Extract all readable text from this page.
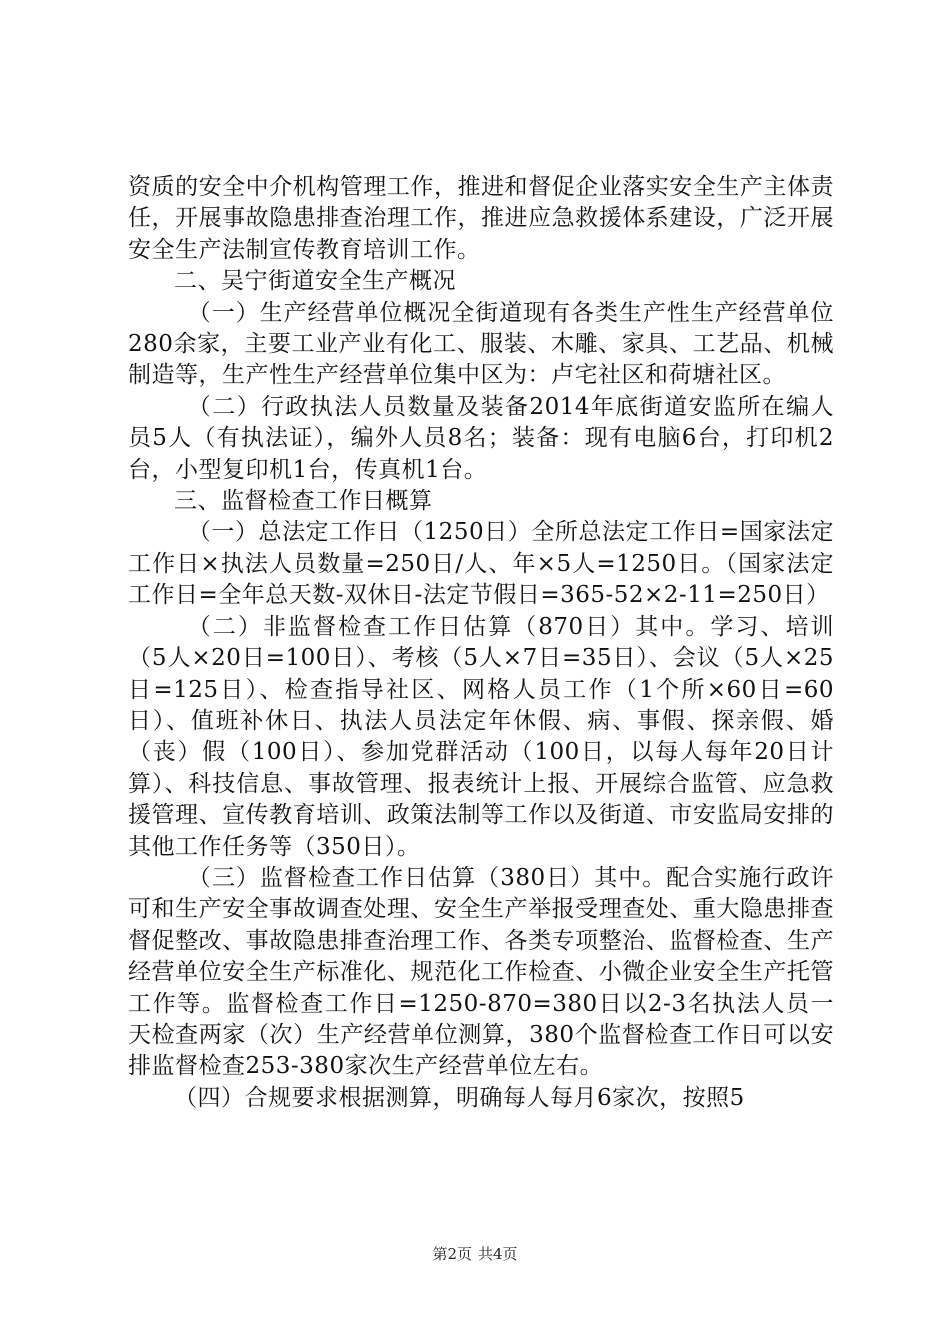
资质的安全中介机构管理工作，推进和督促企业落实安全生产主体责任，开展事故隐患排查治理工作，推进应急救援体系建设，广泛开展安全生产法制宣传教育培训工作。

二、吴宁街道安全生产概况

（一）生产经营单位概况全街道现有各类生产性生产经营单位280余家，主要工业产业有化工、服装、木雕、家具、工艺品、机械制造等，生产性生产经营单位集中区为：卢宅社区和荷塘社区。

（二）行政执法人员数量及装备2014年底街道安监所在编人员5人（有执法证），编外人员8名；装备：现有电脑6台，打印机2台，小型复印机1台，传真机1台。

三、监督检查工作日概算

（一）总法定工作日（1250日）全所总法定工作日=国家法定工作日×执法人员数量=250日/人、年×5人=1250日。（国家法定工作日=全年总天数-双休日-法定节假日=365-52×2-11=250日）

（二）非监督检查工作日估算（870日）其中。学习、培训（5人×20日=100日）、考核（5人×7日=35日）、会议（5人×25日=125日）、检查指导社区、网格人员工作（1个所×60日=60日）、值班补休日、执法人员法定年休假、病、事假、探亲假、婚（丧）假（100日）、参加党群活动（100日，以每人每年20日计算）、科技信息、事故管理、报表统计上报、开展综合监管、应急救援管理、宣传教育培训、政策法制等工作以及街道、市安监局安排的其他工作任务等（350日）。

（三）监督检查工作日估算（380日）其中。配合实施行政许可和生产安全事故调查处理、安全生产举报受理查处、重大隐患排查督促整改、事故隐患排查治理工作、各类专项整治、监督检查、生产经营单位安全生产标准化、规范化工作检查、小微企业安全生产托管工作等。监督检查工作日=1250-870=380日以2-3名执法人员一天检查两家（次）生产经营单位测算，380个监督检查工作日可以安排监督检查253-380家次生产经营单位左右。

（四）合规要求根据测算，明确每人每月6家次，按照5

第2页 共4页
